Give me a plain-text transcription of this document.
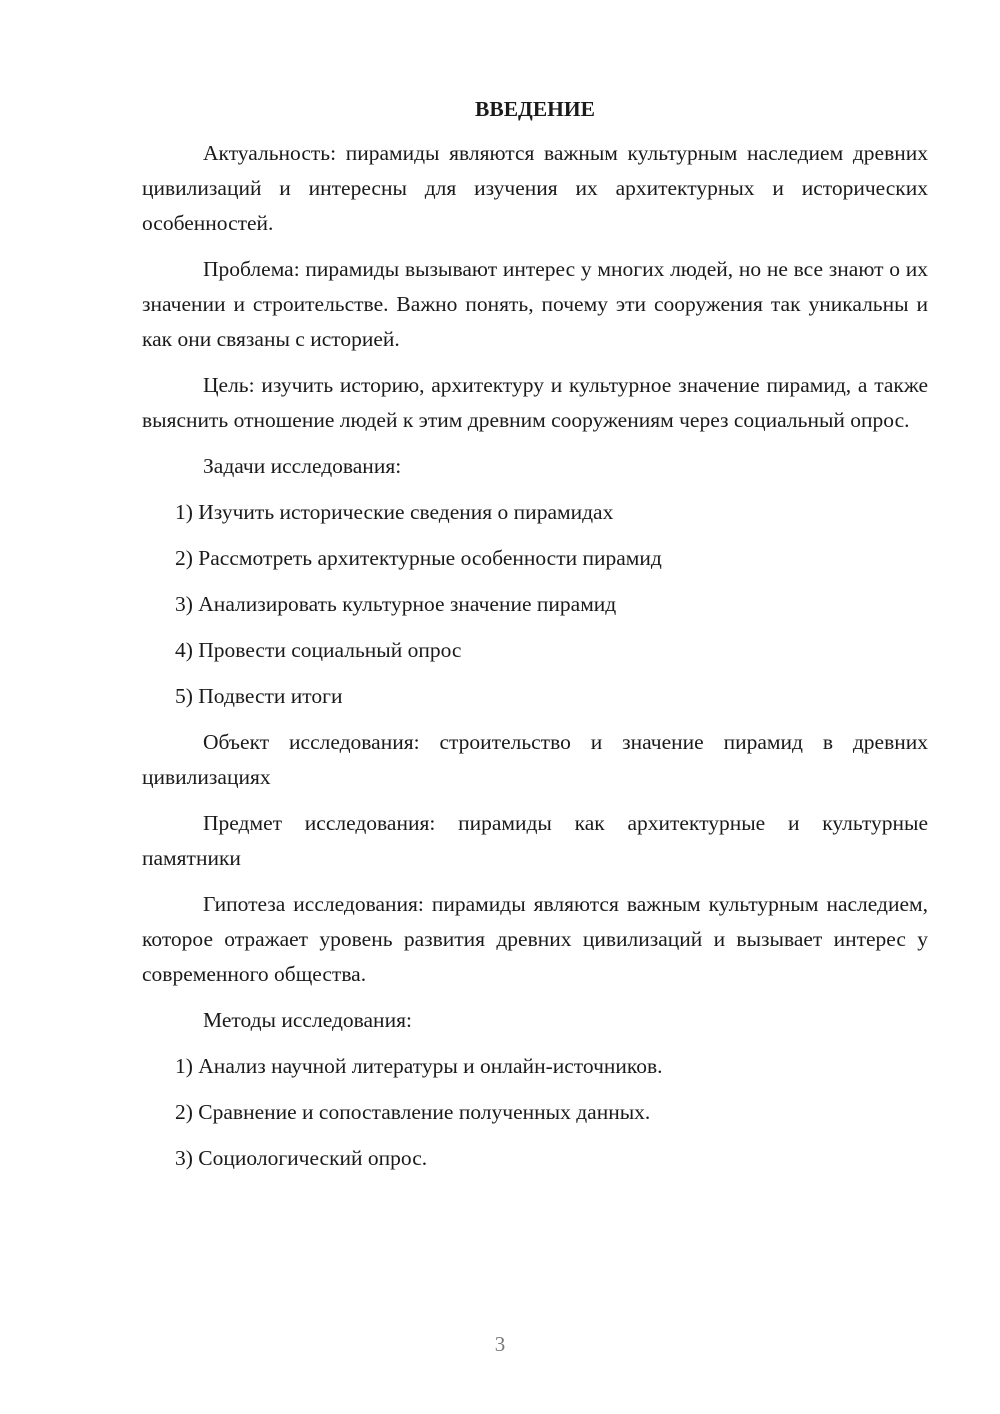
ВВЕДЕНИЕ
Актуальность: пирамиды являются важным культурным наследием древних цивилизаций и интересны для изучения их архитектурных и исторических особенностей.
Проблема: пирамиды вызывают интерес у многих людей, но не все знают о их значении и строительстве. Важно понять, почему эти сооружения так уникальны и как они связаны с историей.
Цель: изучить историю, архитектуру и культурное значение пирамид, а также выяснить отношение людей к этим древним сооружениям через социальный опрос.
Задачи исследования:
1) Изучить исторические сведения о пирамидах
2) Рассмотреть архитектурные особенности пирамид
3) Анализировать культурное значение пирамид
4) Провести социальный опрос
5) Подвести итоги
Объект исследования: строительство и значение пирамид в древних цивилизациях
Предмет исследования: пирамиды как архитектурные и культурные памятники
Гипотеза исследования: пирамиды являются важным культурным наследием, которое отражает уровень развития древних цивилизаций и вызывает интерес у современного общества.
Методы исследования:
1) Анализ научной литературы и онлайн-источников.
2) Сравнение и сопоставление полученных данных.
3) Социологический опрос.
3
